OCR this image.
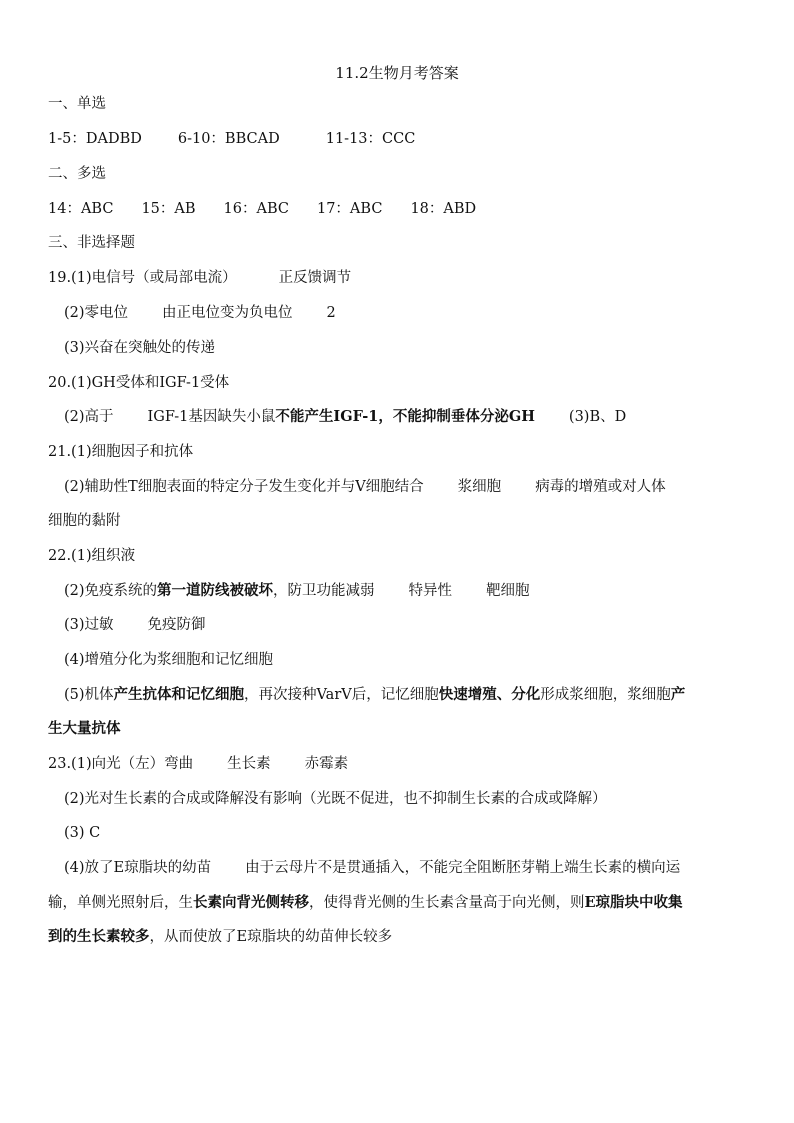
11.2生物月考答案
一、单选
1-5：DADBD 6-10：BBCAD	11-13：CCC
二、多选
14：ABC 15：AB 16：ABC 17：ABC 18：ABD
三、非选择题
19.(1)电信号（或局部电流）	正反馈调节
(2)零电位 由正电位变为负电位 2
(3)兴奋在突触处的传递
20.(1)GH受体和IGF-1受体
(2)高于 IGF-1基因缺失小鼠不能产生IGF-1，不能抑制垂体分泌GH (3)B、D
21.(1)细胞因子和抗体
(2)辅助性T细胞表面的特定分子发生变化并与V细胞结合 浆细胞 病毒的增殖或对人体
细胞的黏附
22.(1)组织液
(2)免疫系统的第一道防线被破坏，防卫功能减弱 特异性 靶细胞
(3)过敏 免疫防御
(4)增殖分化为浆细胞和记忆细胞
(5)机体产生抗体和记忆细胞，再次接种VarV后，记忆细胞快速增殖、分化形成浆细胞，浆细胞产
生大量抗体
23.(1)向光（左）弯曲 生长素 赤霉素
(2)光对生长素的合成或降解没有影响（光既不促进，也不抑制生长素的合成或降解）
(3) C
(4)放了E琼脂块的幼苗 由于云母片不是贯通插入，不能完全阻断胚芽鞘上端生长素的横向运
输，单侧光照射后，生长素向背光侧转移，使得背光侧的生长素含量高于向光侧，则E琼脂块中收集
到的生长素较多，从而使放了E琼脂块的幼苗伸长较多
